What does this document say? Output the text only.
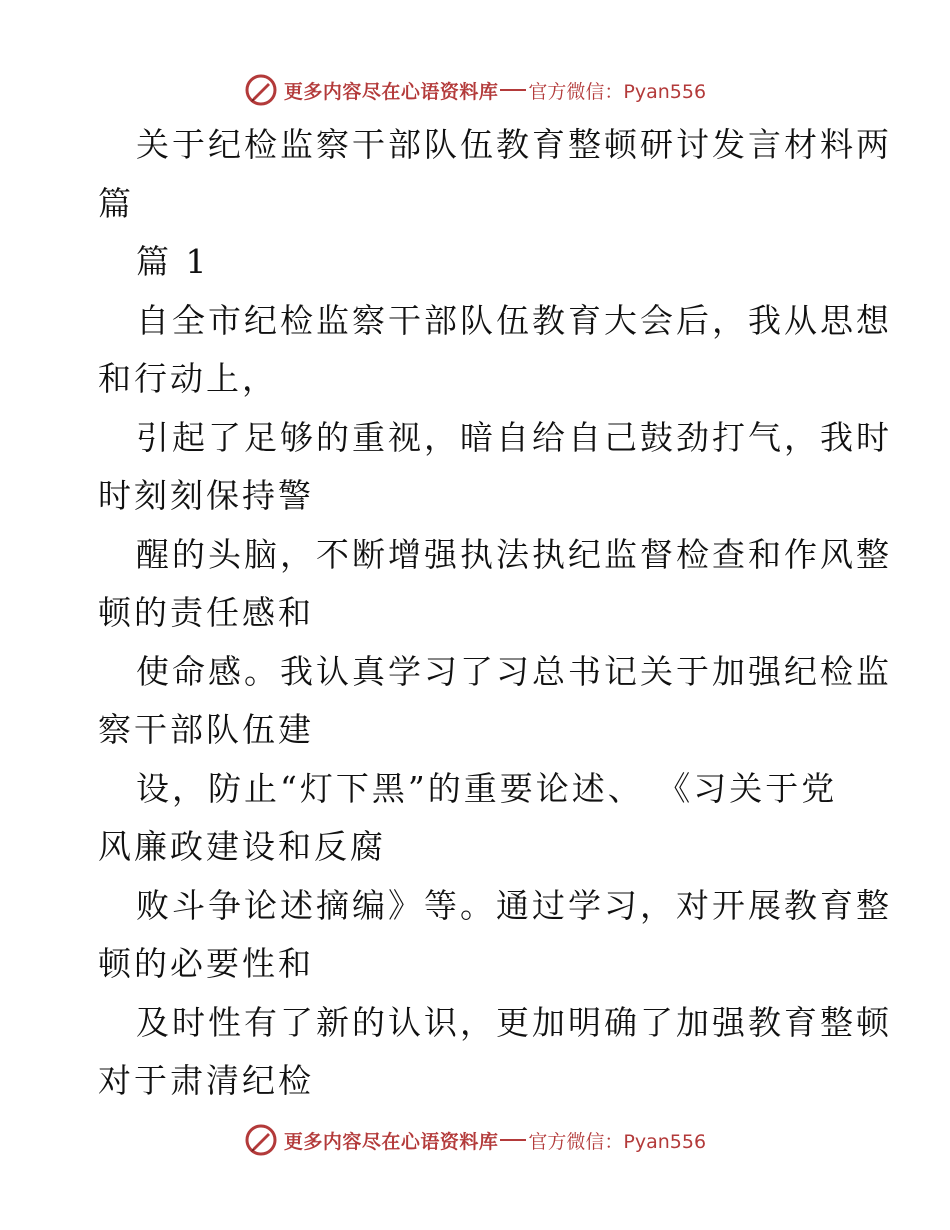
更多内容尽在心语资料库 官方微信：Pyan556
关于纪检监察干部队伍教育整顿研讨发言材料两
篇
篇 1
自全市纪检监察干部队伍教育大会后，我从思想
和行动上，
引起了足够的重视，暗自给自己鼓劲打气，我时
时刻刻保持警
醒的头脑，不断增强执法执纪监督检查和作风整
顿的责任感和
使命感。我认真学习了习总书记关于加强纪检监
察干部队伍建
设，防止“灯下黑”的重要论述、 《习关于党
风廉政建设和反腐
败斗争论述摘编》等。通过学习，对开展教育整
顿的必要性和
及时性有了新的认识，更加明确了加强教育整顿
对于肃清纪检
更多内容尽在心语资料库 官方微信：Pyan556
